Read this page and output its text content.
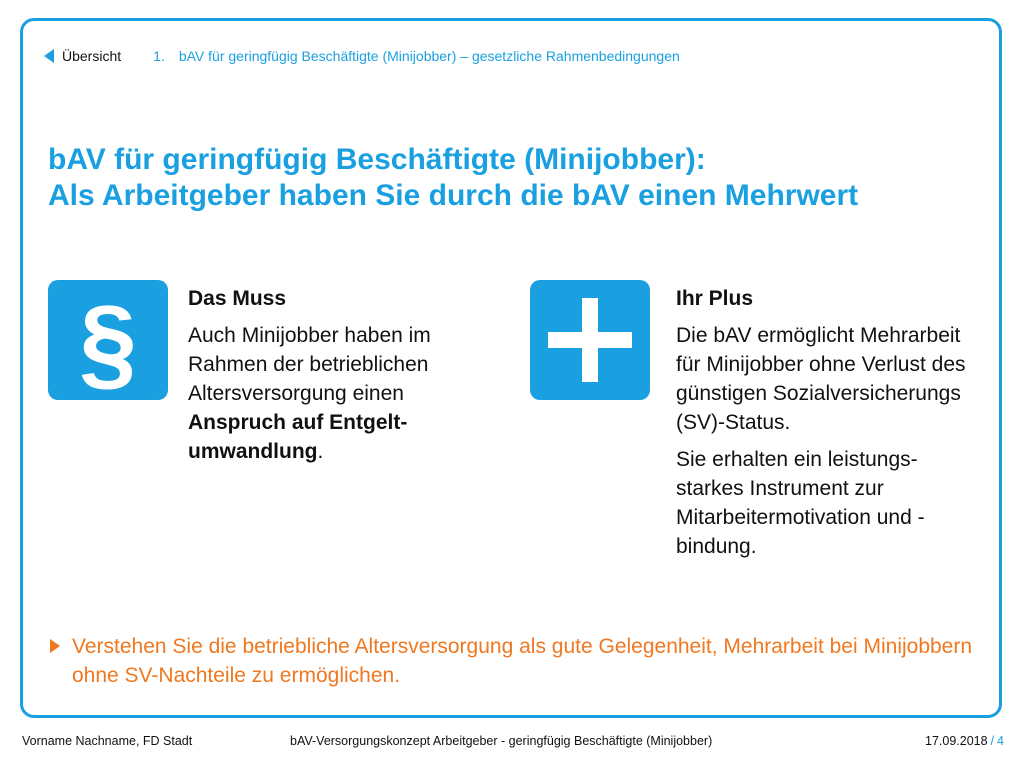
Übersicht 1. bAV für geringfügig Beschäftigte (Minijobber) –
gesetzliche Rahmenbedingungen
bAV für geringfügig Beschäftigte (Minijobber):
Als Arbeitgeber haben Sie durch die bAV einen Mehrwert
§ Das Muss

Auch Minijobber haben im Rahmen der betrieblichen Altersversorgung einen Anspruch auf Entgeltumwandlung.

Ihr Plus

Die bAV ermöglicht Mehrarbeit für Minijobber ohne Verlust des günstigen Sozialversicherungs (SV)-Status.

Sie erhalten ein leistungsstarkes Instrument zur Mitarbeitermotivation und -bindung.

Verstehen Sie die betriebliche Altersversorgung als gute Gelegenheit, Mehrarbeit bei Minijobbern ohne SV-Nachteile zu ermöglichen.
Vorname Nachname, FD Stadt	bAV-Versorgungskonzept Arbeitgeber - geringfügig Beschäftigte (Minijobber)	17.09.2018 / 4
